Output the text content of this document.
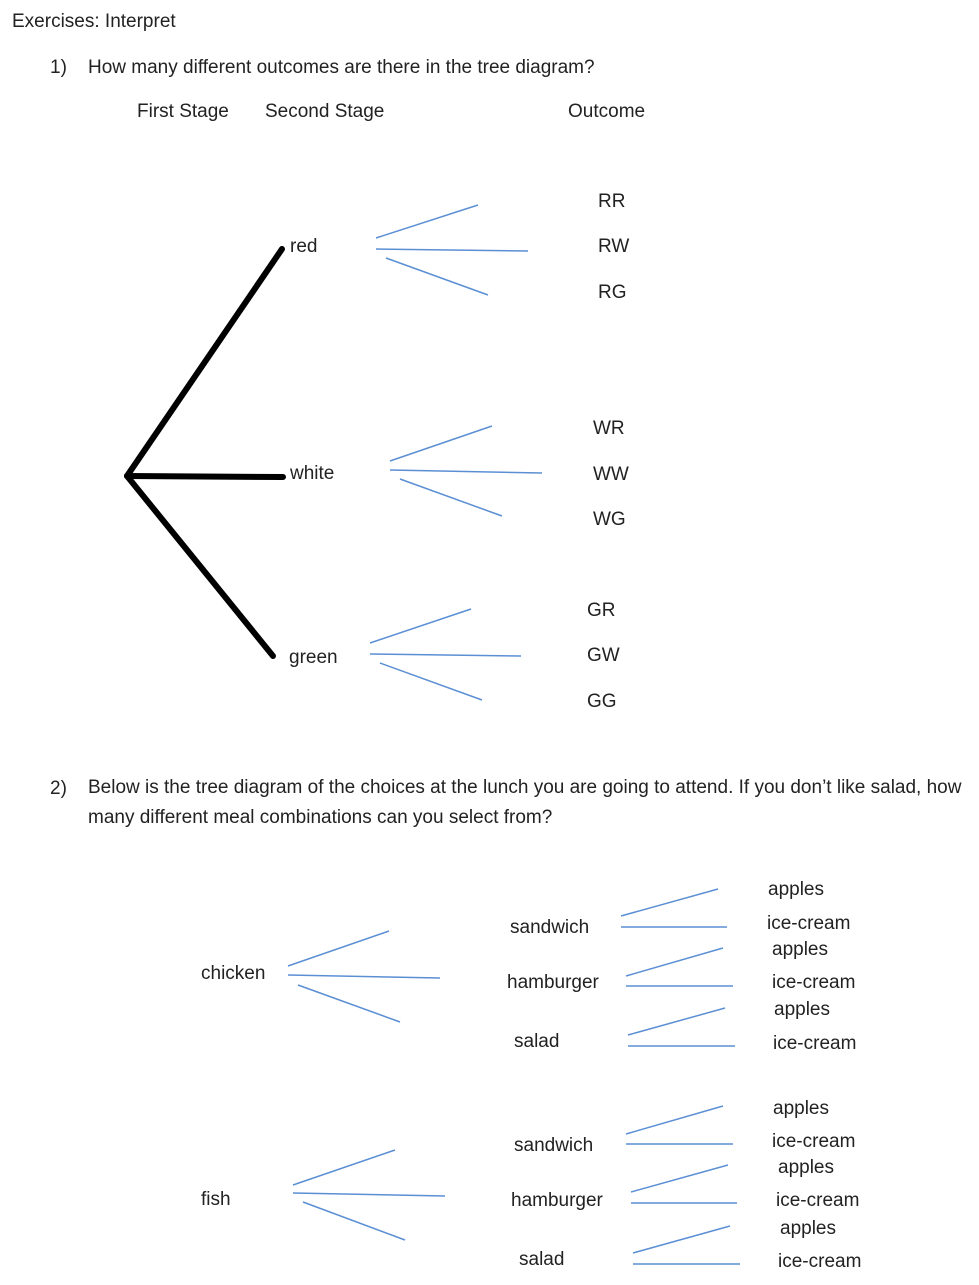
Exercises: Interpret
1) How many different outcomes are there in the tree diagram?
First Stage Second Stage	Outcome
red
white
green
RR
RW
RG
WR
WW
WG
GR
GW
GG
2) Below is the tree diagram of the choices at the lunch you are going to attend. If you don’t like salad, how many different meal combinations can you select from?
chicken
fish
sandwich
hamburger
salad
sandwich
hamburger
salad
apples
ice-cream
apples
ice-cream
apples
ice-cream
apples
ice-cream
apples
ice-cream
apples
ice-cream
